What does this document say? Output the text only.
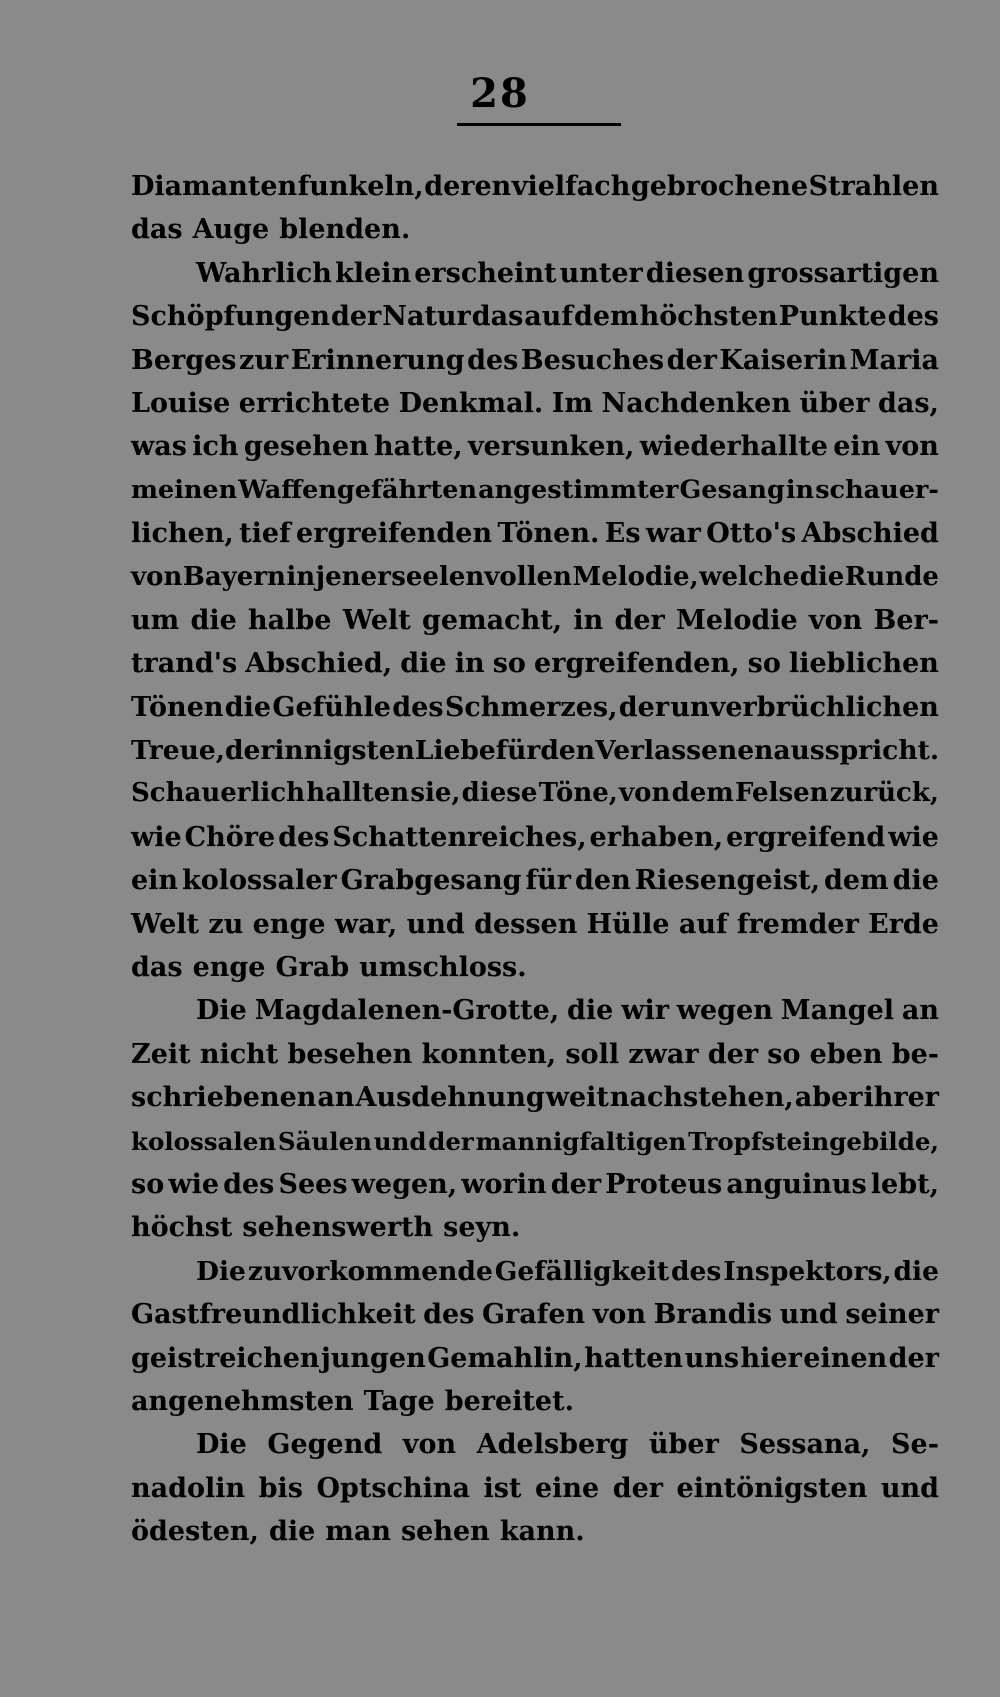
28
Diamanten funkeln, deren vielfach gebrochene Strahlen
das Auge blenden.
Wahrlich klein erscheint unter diesen grossartigen
Schöpfungen der Natur das auf dem höchsten Punkte des
Berges zur Erinnerung des Besuches der Kaiserin Maria
Louise errichtete Denkmal. Im Nachdenken über das,
was ich gesehen hatte, versunken, wiederhallte ein von
meinen Waffengefährten angestimmter Gesang in schauer-
lichen, tief ergreifenden Tönen. Es war Otto's Abschied
von Bayern in jener seelenvollen Melodie, welche die Runde
um die halbe Welt gemacht, in der Melodie von Ber-
trand's Abschied, die in so ergreifenden, so lieblichen
Tönen die Gefühle des Schmerzes, der unverbrüchlichen
Treue, der innigsten Liebe für den Verlassenen ausspricht.
Schauerlich hallten sie, diese Töne, von dem Felsen zurück,
wie Chöre des Schattenreiches, erhaben, ergreifend wie
ein kolossaler Grabgesang für den Riesengeist, dem die
Welt zu enge war, und dessen Hülle auf fremder Erde
das enge Grab umschloss.
Die Magdalenen-Grotte, die wir wegen Mangel an
Zeit nicht besehen konnten, soll zwar der so eben be-
schriebenen an Ausdehnung weit nachstehen, aber ihrer
kolossalen Säulen und der mannigfaltigen Tropfsteingebilde,
so wie des Sees wegen, worin der Proteus anguinus lebt,
höchst sehenswerth seyn.
Die zuvorkommende Gefälligkeit des Inspektors, die
Gastfreundlichkeit des Grafen von Brandis und seiner
geistreichen jungen Gemahlin, hatten uns hier einen der
angenehmsten Tage bereitet.
Die Gegend von Adelsberg über Sessana, Se-
nadolin bis Optschina ist eine der eintönigsten und
ödesten, die man sehen kann.
